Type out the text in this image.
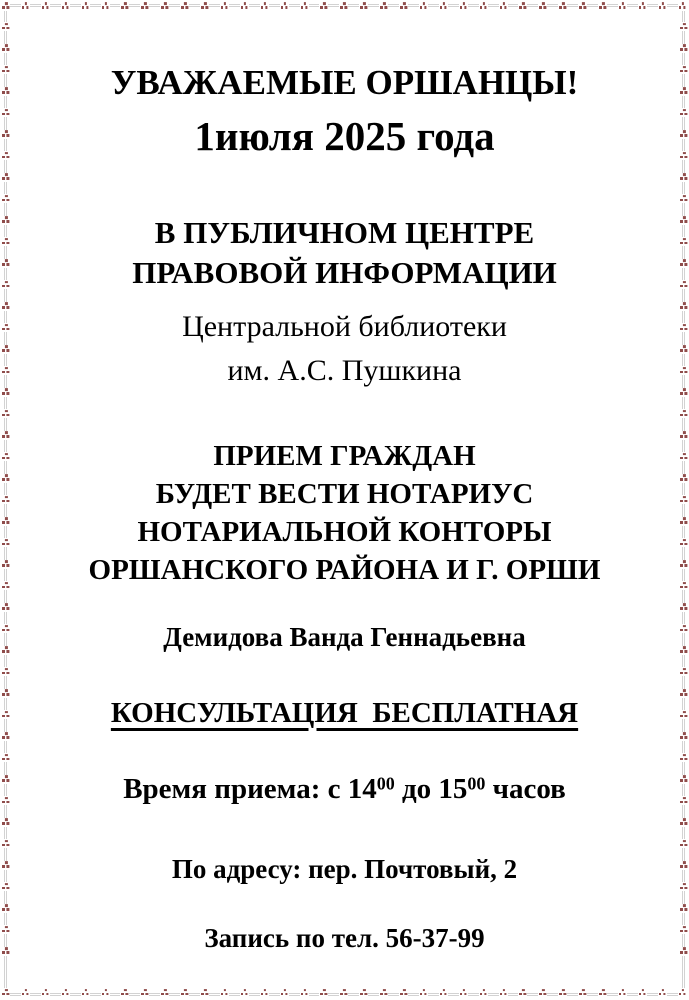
УВАЖАЕМЫЕ ОРШАНЦЫ!
1июля 2025 года
В ПУБЛИЧНОМ ЦЕНТРЕ
ПРАВОВОЙ ИНФОРМАЦИИ
Центральной библиотеки
им. А.С. Пушкина
ПРИЕМ ГРАЖДАН
БУДЕТ ВЕСТИ НОТАРИУС
НОТАРИАЛЬНОЙ КОНТОРЫ
ОРШАНСКОГО РАЙОНА И Г. ОРШИ
Демидова Ванда Геннадьевна
КОНСУЛЬТАЦИЯ  БЕСПЛАТНАЯ
Время приема: с $14^{00}$ до $15^{00}$ часов
По адресу: пер. Почтовый, 2
Запись по тел. 56-37-99
